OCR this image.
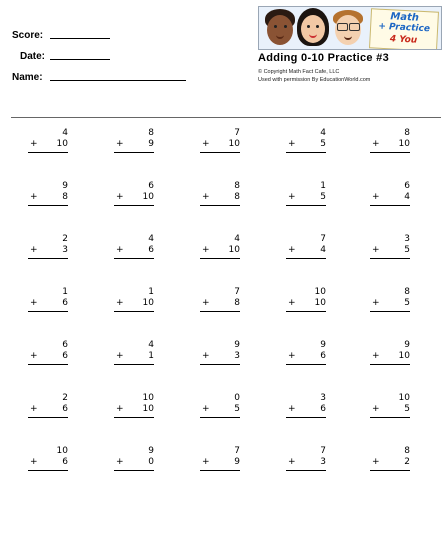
Score:
Date:
Name:
Math
+ Practice
4 You
Adding 0-10 Practice #3
© Copyright Math Fact Cafe, LLC
Used with permission By EducationWorld.com
4
+ 10
8
+	9
7
+ 10
4
+	5
8
+ 10
9
+	8
6
+ 10
8
+	8
1
+	5
6
+	4
2
+	3
4
+	6
4
+ 10
7
+	4
3
+	5
1
+	6
1
+ 10
7
+	8
10
+ 10
8
+	5
6
+	6
4
+	1
9
+	3
9
+	6
9
+ 10
2
+	6
10
+ 10
0
+	5
3
+	6
10
+	5
10
+	6
9
+	0
7
+	9
7
+	3
8
+	2
